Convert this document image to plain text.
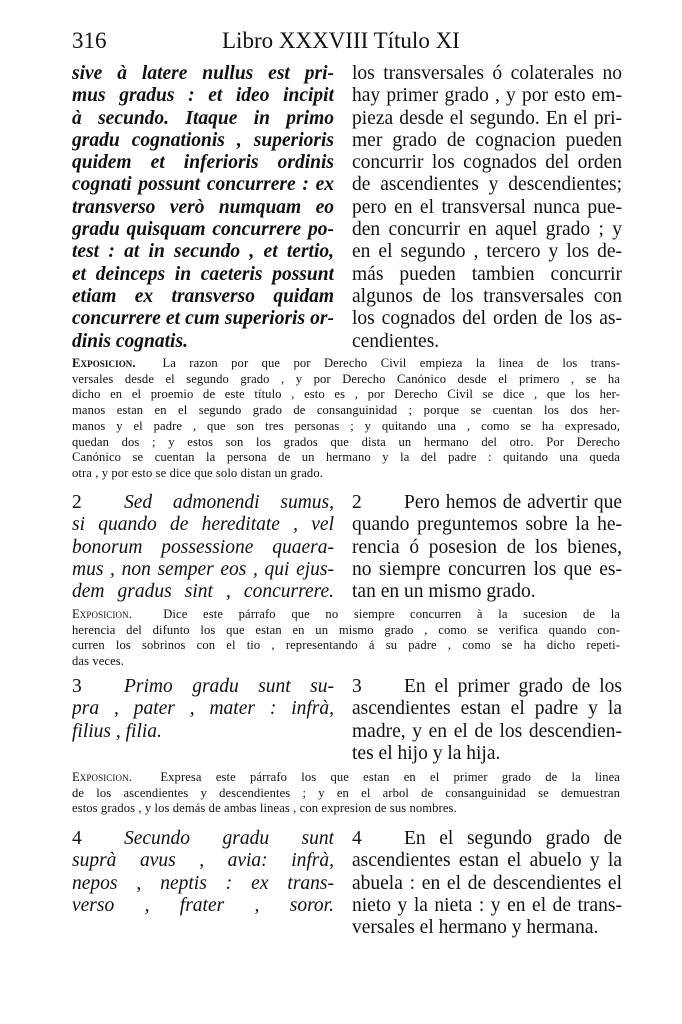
316	Libro XXXVIII Título XI
sive à latere nullus est pri-
mus gradus : et ideo incipit
à secundo. Itaque in primo
gradu cognationis , superioris
quidem et inferioris ordinis
cognati possunt concurrere : ex
transverso verò numquam eo
gradu quisquam concurrere po-
test : at in secundo , et tertio,
et deinceps in caeteris possunt
etiam ex transverso quidam
concurrere et cum superioris or-
dinis cognatis.
los transversales ó colaterales no
hay primer grado , y por esto em-
pieza desde el segundo. En el pri-
mer grado de cognacion pueden
concurrir los cognados del orden
de ascendientes y descendientes;
pero en el transversal nunca pue-
den concurrir en aquel grado ; y
en el segundo , tercero y los de-
más pueden tambien concurrir
algunos de los transversales con
los cognados del orden de los as-
cendientes.
Exposicion. La razon por que por Derecho Civil empieza la linea de los trans-
versales desde el segundo grado , y por Derecho Canónico desde el primero , se ha
dicho en el proemio de este título , esto es , por Derecho Civil se dice , que los her-
manos estan en el segundo grado de consanguinidad ; porque se cuentan los dos her-
manos y el padre , que son tres personas ; y quitando una , como se ha expresado,
quedan dos ; y estos son los grados que dista un hermano del otro. Por Derecho
Canónico se cuentan la persona de un hermano y la del padre : quitando una queda
otra , y por esto se dice que solo distan un grado.
2 Sed admonendi sumus,
si quando de hereditate , vel
bonorum possessione quaera-
mus , non semper eos , qui ejus-
dem gradus sint , concurrere.
2 Pero hemos de advertir que
quando preguntemos sobre la he-
rencia ó posesion de los bienes,
no siempre concurren los que es-
tan en un mismo grado.
Exposicion. Dice este párrafo que no siempre concurren à la sucesion de la
herencia del difunto los que estan en un mismo grado , como se verifica quando con-
curren los sobrinos con el tio , representando á su padre , como se ha dicho repeti-
das veces.
3 Primo gradu sunt su-
pra , pater , mater : infrà,
filius , filia.
3 En el primer grado de los
ascendientes estan el padre y la
madre, y en el de los descendien-
tes el hijo y la hija.
Exposicion. Expresa este párrafo los que estan en el primer grado de la linea
de los ascendientes y descendientes ; y en el arbol de consanguinidad se demuestran
estos grados , y los demás de ambas lineas , con expresion de sus nombres.
4 Secundo gradu sunt
suprà avus , avia: infrà,
nepos , neptis : ex trans-
verso , frater , soror.
4 En el segundo grado de
ascendientes estan el abuelo y la
abuela : en el de descendientes el
nieto y la nieta : y en el de trans-
versales el hermano y hermana.
